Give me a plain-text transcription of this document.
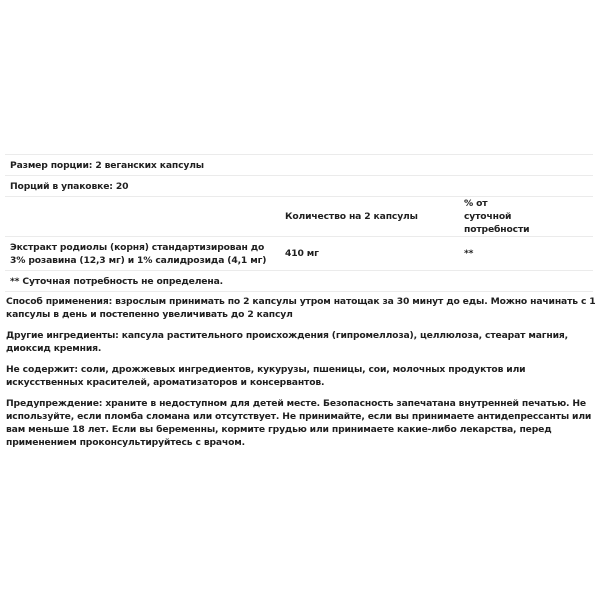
Размер порции: 2 веганских капсулы		
Порций в упаковке: 20		
	Количество на 2 капсулы	% от суточной потребности
Экстракт родиолы (корня) стандартизирован до 3% розавина (12,3 мг) и 1% салидрозида (4,1 мг)	410 мг	**
** Суточная потребность не определена.		

Способ применения: взрослым принимать по 2 капсулы утром натощак за 30 минут до еды. Можно начинать с 1 капсулы в день и постепенно увеличивать до 2 капсул

Другие ингредиенты: капсула растительного происхождения (гипромеллоза), целлюлоза, стеарат магния, диоксид кремния.

Не содержит: соли, дрожжевых ингредиентов, кукурузы, пшеницы, сои, молочных продуктов или искусственных красителей, ароматизаторов и консервантов.

Предупреждение: храните в недоступном для детей месте. Безопасность запечатана внутренней печатью. Не используйте, если пломба сломана или отсутствует. Не принимайте, если вы принимаете антидепрессанты или вам меньше 18 лет. Если вы беременны, кормите грудью или принимаете какие-либо лекарства, перед применением проконсультируйтесь с врачом.
